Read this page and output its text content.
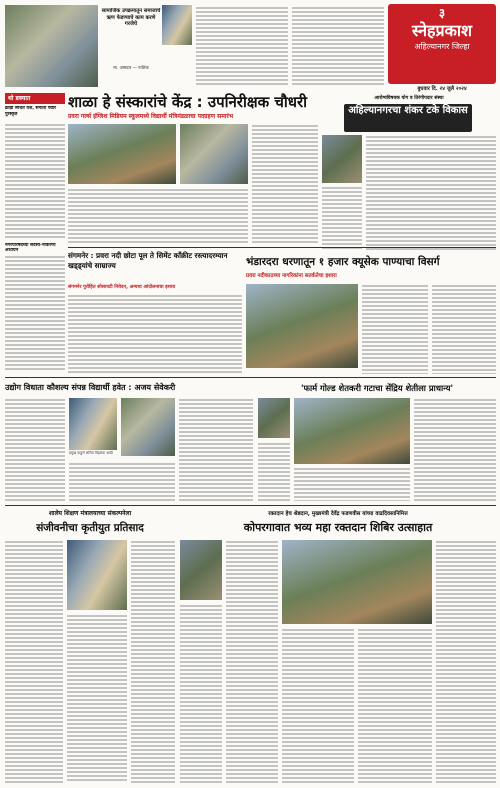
सामाजिक उपक्रमातून समाजाचे ऋण फेडण्याचे काम करणे गरजेचे
मा. आमदार — नाशिक
३
स्नेहप्रकाश
अहिल्यानगर जिल्हा
बुधवार दि. २४ जुलै २०२४
थो डक्यात
क्रीडा स्पर्धेत यश, संगीता पवार पुरस्कृत
नगरपरिषदेच्या सदस्य-नाकरणी अध्ययन
शाळा हे संस्कारांचे केंद्र : उपनिरीक्षक चौधरी
प्रवरा गर्ल्स इंग्लिश मिडियम स्कूलमध्ये विद्यार्थी मंत्रिमंडळाचा पदग्रहण समारंभ
आरोग्यविषयक योग व तिरंगीपदार संस्था
अहिल्यानगरचा शंकर टके विकास
संगमनेर : प्रवरा नदी छोटा पूल ते सिमेंट काँक्रीट रस्त्यादरम्यान खड्ड्यांचे साम्राज्य
संगमनेर पुरोहित सोसायटी निवेदन, अन्यथा आंदोलनाचा इशारा
भंडारदरा धरणातून १ हजार क्यूसेक पाण्याचा विसर्ग
प्रवरा नदीकाठच्या नागरिकांना सतर्कतेचा इशारा
उद्योग विधाता कौशल्य संपन्न विद्यार्थी हवेत : अजय सेवेकरी
प्रमुख पाहुणे ललित विहारवा आदी
'फार्म गोल्ड शेतकरी गटाचा सेंद्रिय शेतीला प्राधान्य'
शालेय शिक्षण मंत्रालयाच्या संकल्पनेला
संजीवनीचा कृतीयुत प्रतिसाद
रक्तदान हेच श्रेष्ठदान, मुख्यमंत्री देवेंद्र फडणवीस यांच्या वाढदिवसानिमित्त
कोपरगावात भव्य महा रक्तदान शिबिर उत्साहात
